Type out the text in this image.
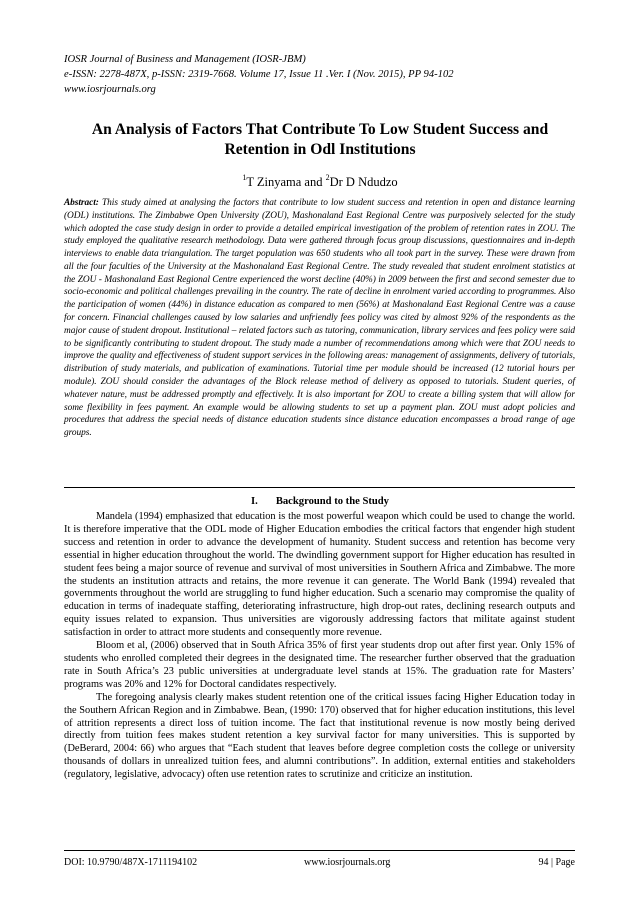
IOSR Journal of Business and Management (IOSR-JBM)
e-ISSN: 2278-487X, p-ISSN: 2319-7668. Volume 17, Issue 11 .Ver. I (Nov. 2015), PP 94-102
www.iosrjournals.org
An Analysis of Factors That Contribute To Low Student Success and Retention in Odl Institutions
$^1$T Zinyama and $^2$Dr D Ndudzo
Abstract: This study aimed at analysing the factors that contribute to low student success and retention in open and distance learning (ODL) institutions. The Zimbabwe Open University (ZOU), Mashonaland East Regional Centre was purposively selected for the study which adopted the case study design in order to provide a detailed empirical investigation of the problem of retention rates in ZOU. The study employed the qualitative research methodology. Data were gathered through focus group discussions, questionnaires and in-depth interviews to enable data triangulation. The target population was 650 students who all took part in the survey. These were drawn from all the four faculties of the University at the Mashonaland East Regional Centre. The study revealed that student enrolment statistics at the ZOU - Mashonaland East Regional Centre experienced the worst decline (40%) in 2009 between the first and second semester due to socio-economic and political challenges prevailing in the country. The rate of decline in enrolment varied according to programmes. Also the participation of women (44%) in distance education as compared to men (56%) at Mashonaland East Regional Centre was a cause for concern. Financial challenges caused by low salaries and unfriendly fees policy was cited by almost 92% of the respondents as the major cause of student dropout. Institutional – related factors such as tutoring, communication, library services and fees policy were said to be significantly contributing to student dropout. The study made a number of recommendations among which were that ZOU needs to improve the quality and effectiveness of student support services in the following areas: management of assignments, delivery of tutorials, distribution of study materials, and publication of examinations. Tutorial time per module should be increased (12 tutorial hours per module). ZOU should consider the advantages of the Block release method of delivery as opposed to tutorials. Student queries, of whatever nature, must be addressed promptly and effectively. It is also important for ZOU to create a billing system that will allow for some flexibility in fees payment. An example would be allowing students to set up a payment plan. ZOU must adopt policies and procedures that address the special needs of distance education students since distance education encompasses a broad range of age groups.
I. Background to the Study

Mandela (1994) emphasized that education is the most powerful weapon which could be used to change the world. It is therefore imperative that the ODL mode of Higher Education embodies the critical factors that engender high student success and retention in order to advance the development of humanity. Student success and retention has become very essential in higher education throughout the world. The dwindling government support for Higher education has resulted in student fees being a major source of revenue and survival of most universities in Southern Africa and Zimbabwe. The more the students an institution attracts and retains, the more revenue it can generate. The World Bank (1994) revealed that governments throughout the world are struggling to fund higher education. Such a scenario may compromise the quality of education in terms of inadequate staffing, deteriorating infrastructure, high drop-out rates, declining research outputs and equity issues related to expansion. Thus universities are vigorously addressing factors that militate against student satisfaction in order to attract more students and consequently more revenue.

Bloom et al, (2006) observed that in South Africa 35% of first year students drop out after first year. Only 15% of students who enrolled completed their degrees in the designated time. The researcher further observed that the graduation rate in South Africa’s 23 public universities at undergraduate level stands at 15%. The graduation rate for Masters’ programs was 20% and 12% for Doctoral candidates respectively.

The foregoing analysis clearly makes student retention one of the critical issues facing Higher Education today in the Southern African Region and in Zimbabwe. Bean, (1990: 170) observed that for higher education institutions, this level of attrition represents a direct loss of tuition income. The fact that institutional revenue is now mostly being derived directly from tuition fees makes student retention a key survival factor for many universities. This is supported by (DeBerard, 2004: 66) who argues that “Each student that leaves before degree completion costs the college or university thousands of dollars in unrealized tuition fees, and alumni contributions”. In addition, external entities and stakeholders (regulatory, legislative, advocacy) often use retention rates to scrutinize and criticize an institution.

DOI: 10.9790/487X-1711194102	www.iosrjournals.org	94 | Page
